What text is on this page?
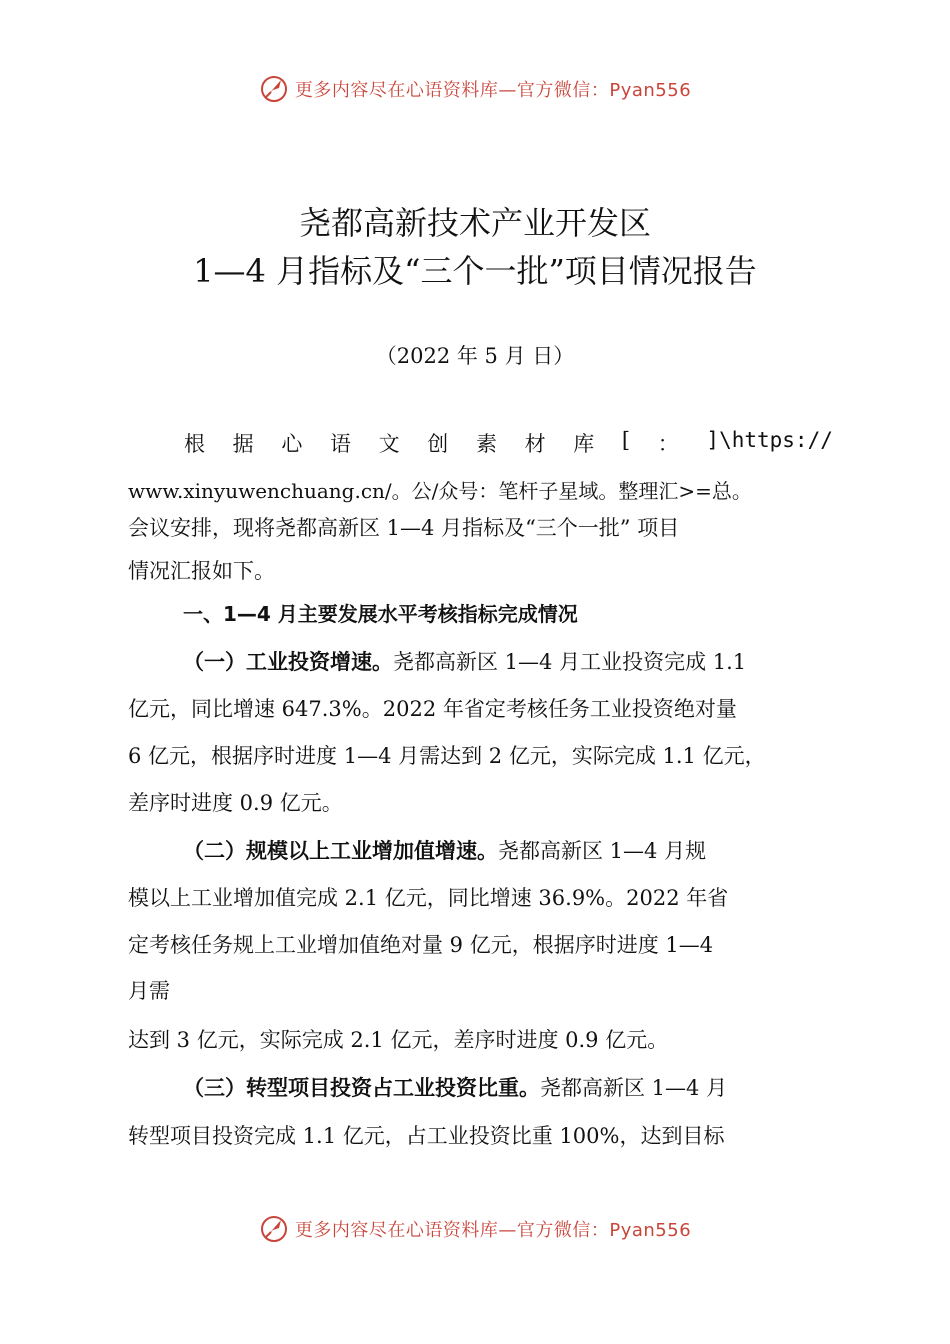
更多内容尽在心语资料库—官方微信：Pyan556
尧都高新技术产业开发区
1—4 月指标及“三个一批”项目情况报告
（2022 年 5 月 日）
根 据 心 语 文 创 素 材 库 [ ： ]\https://
www.xinyuwenchuang.cn/。公/众号：笔杆子星域。整理汇>=总。
会议安排，现将尧都高新区 1—4 月指标及“三个一批” 项目
情况汇报如下。
一、1—4 月主要发展水平考核指标完成情况
（一）工业投资增速。尧都高新区 1—4 月工业投资完成 1.1
亿元，同比增速 647.3%。2022 年省定考核任务工业投资绝对量
6 亿元，根据序时进度 1—4 月需达到 2 亿元，实际完成 1.1 亿元，
差序时进度 0.9 亿元。
（二）规模以上工业增加值增速。尧都高新区 1—4 月规
模以上工业增加值完成 2.1 亿元，同比增速 36.9%。2022 年省
定考核任务规上工业增加值绝对量 9 亿元，根据序时进度 1—4
月需
达到 3 亿元，实际完成 2.1 亿元，差序时进度 0.9 亿元。
（三）转型项目投资占工业投资比重。尧都高新区 1—4 月
转型项目投资完成 1.1 亿元，占工业投资比重 100%，达到目标
更多内容尽在心语资料库—官方微信：Pyan556
